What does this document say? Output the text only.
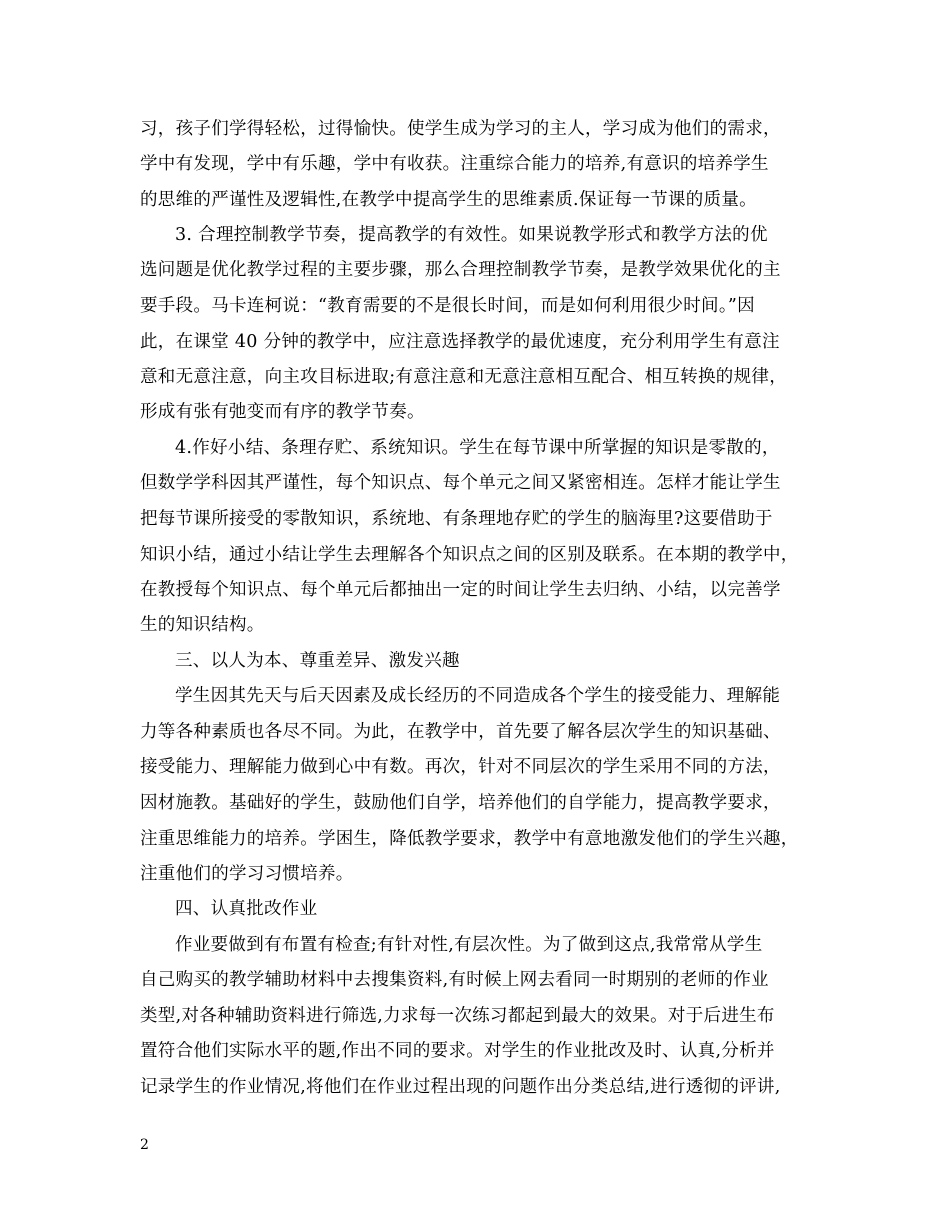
习，孩子们学得轻松，过得愉快。使学生成为学习的主人，学习成为他们的需求，
学中有发现，学中有乐趣，学中有收获。注重综合能力的培养,有意识的培养学生
的思维的严谨性及逻辑性,在教学中提高学生的思维素质.保证每一节课的质量。
3. 合理控制教学节奏，提高教学的有效性。如果说教学形式和教学方法的优
选问题是优化教学过程的主要步骤，那么合理控制教学节奏，是教学效果优化的主
要手段。马卡连柯说：“教育需要的不是很长时间，而是如何利用很少时间。”因
此，在课堂 40 分钟的教学中，应注意选择教学的最优速度，充分利用学生有意注
意和无意注意，向主攻目标进取;有意注意和无意注意相互配合、相互转换的规律，
形成有张有弛变而有序的教学节奏。
4.作好小结、条理存贮、系统知识。学生在每节课中所掌握的知识是零散的，
但数学学科因其严谨性，每个知识点、每个单元之间又紧密相连。怎样才能让学生
把每节课所接受的零散知识，系统地、有条理地存贮的学生的脑海里?这要借助于
知识小结，通过小结让学生去理解各个知识点之间的区别及联系。在本期的教学中，
在教授每个知识点、每个单元后都抽出一定的时间让学生去归纳、小结，以完善学
生的知识结构。
三、以人为本、尊重差异、激发兴趣
学生因其先天与后天因素及成长经历的不同造成各个学生的接受能力、理解能
力等各种素质也各尽不同。为此，在教学中，首先要了解各层次学生的知识基础、
接受能力、理解能力做到心中有数。再次，针对不同层次的学生采用不同的方法，
因材施教。基础好的学生，鼓励他们自学，培养他们的自学能力，提高教学要求，
注重思维能力的培养。学困生，降低教学要求，教学中有意地激发他们的学生兴趣，
注重他们的学习习惯培养。
四、认真批改作业
作业要做到有布置有检查;有针对性,有层次性。为了做到这点,我常常从学生
自己购买的教学辅助材料中去搜集资料,有时候上网去看同一时期别的老师的作业
类型,对各种辅助资料进行筛选,力求每一次练习都起到最大的效果。对于后进生布
置符合他们实际水平的题,作出不同的要求。对学生的作业批改及时、认真,分析并
记录学生的作业情况,将他们在作业过程出现的问题作出分类总结,进行透彻的评讲,
2
